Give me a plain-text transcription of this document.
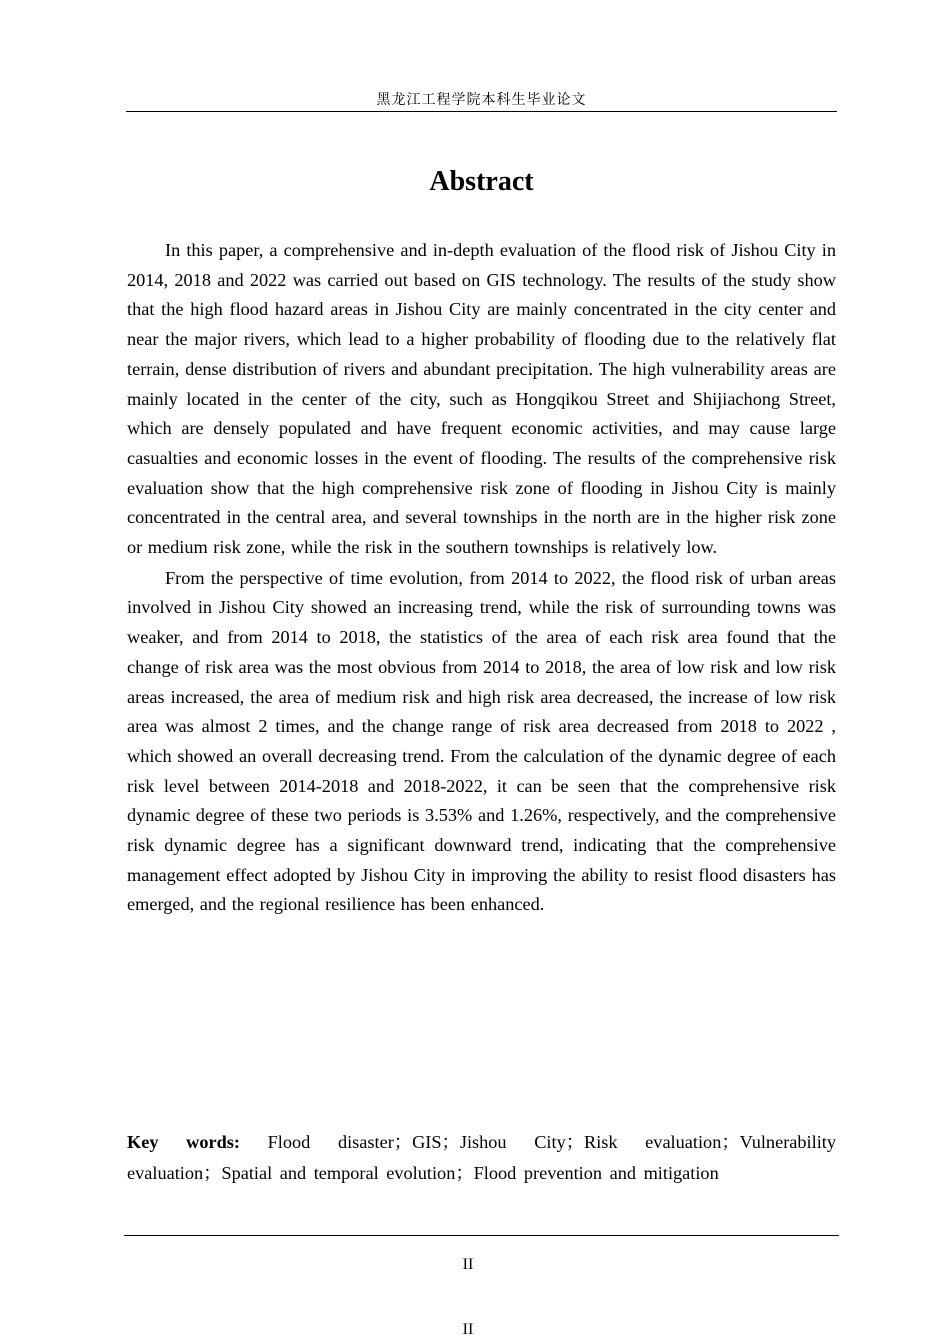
黑龙江工程学院本科生毕业论文
Abstract

In this paper, a comprehensive and in-depth evaluation of the flood risk of Jishou City in 2014, 2018 and 2022 was carried out based on GIS technology. The results of the study show that the high flood hazard areas in Jishou City are mainly concentrated in the city center and near the major rivers, which lead to a higher probability of flooding due to the relatively flat terrain, dense distribution of rivers and abundant precipitation. The high vulnerability areas are mainly located in the center of the city, such as Hongqikou Street and Shijiachong Street, which are densely populated and have frequent economic activities, and may cause large casualties and economic losses in the event of flooding. The results of the comprehensive risk evaluation show that the high comprehensive risk zone of flooding in Jishou City is mainly concentrated in the central area, and several townships in the north are in the higher risk zone or medium risk zone, while the risk in the southern townships is relatively low.

From the perspective of time evolution, from 2014 to 2022, the flood risk of urban areas involved in Jishou City showed an increasing trend, while the risk of surrounding towns was weaker, and from 2014 to 2018, the statistics of the area of each risk area found that the change of risk area was the most obvious from 2014 to 2018, the area of low risk and low risk areas increased, the area of medium risk and high risk area decreased, the increase of low risk area was almost 2 times, and the change range of risk area decreased from 2018 to 2022 , which showed an overall decreasing trend. From the calculation of the dynamic degree of each risk level between 2014-2018 and 2018-2022, it can be seen that the comprehensive risk dynamic degree of these two periods is 3.53% and 1.26%, respectively, and the comprehensive risk dynamic degree has a significant downward trend, indicating that the comprehensive management effect adopted by Jishou City in improving the ability to resist flood disasters has emerged, and the regional resilience has been enhanced.

Key words: Flood disaster；GIS；Jishou City；Risk evaluation；Vulnerability evaluation；Spatial and temporal evolution；Flood prevention and mitigation
II
II
